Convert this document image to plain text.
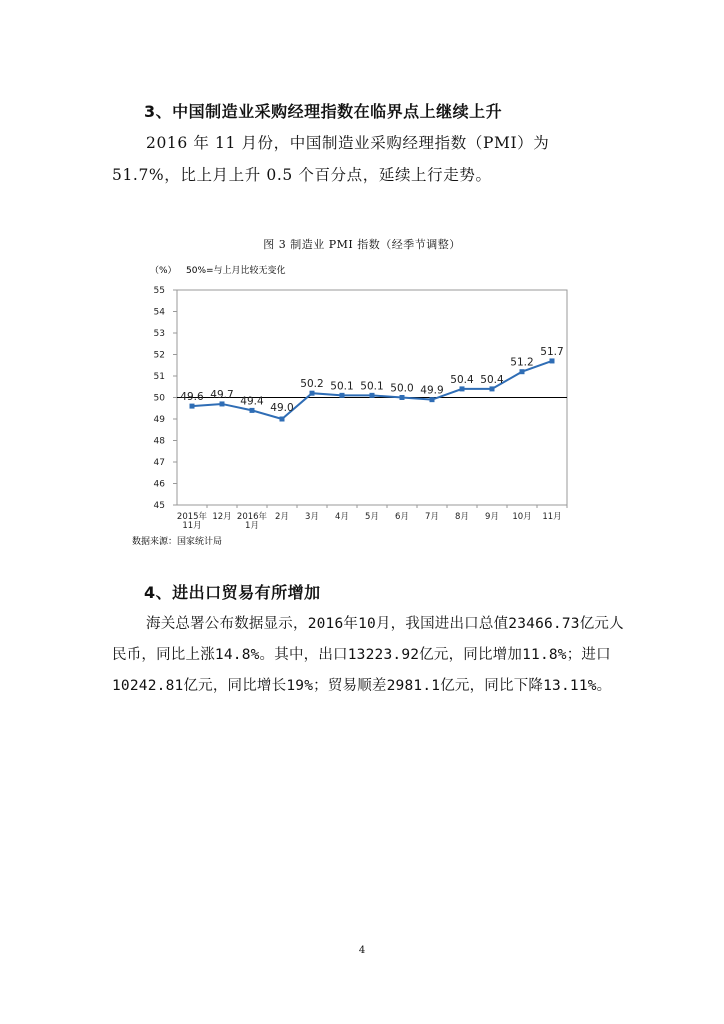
3、中国制造业采购经理指数在临界点上继续上升
2016 年 11 月份，中国制造业采购经理指数（PMI）为 51.7%，比上月上升 0.5 个百分点，延续上行走势。
图 3 制造业 PMI 指数（经季节调整）
（%） 50%=与上月比较无变化
45
46
47
48
49
50
51
52
53
54
55
2015年
11月
12月 2016年
1月
2月 3月 4月 5月 6月 7月 8月 9月 10月 11月
49.6 49.7
49.4
49.0
50.2 50.1 50.1 50.0 49.9
50.4 50.4
51.2
51.7
数据来源：国家统计局
4、进出口贸易有所增加
海关总署公布数据显示，2016年10月，我国进出口总值23466.73亿元人民币，同比上涨14.8%。其中，出口13223.92亿元，同比增加11.8%；进口10242.81亿元，同比增长19%；贸易顺差2981.1亿元，同比下降13.11%。
4
